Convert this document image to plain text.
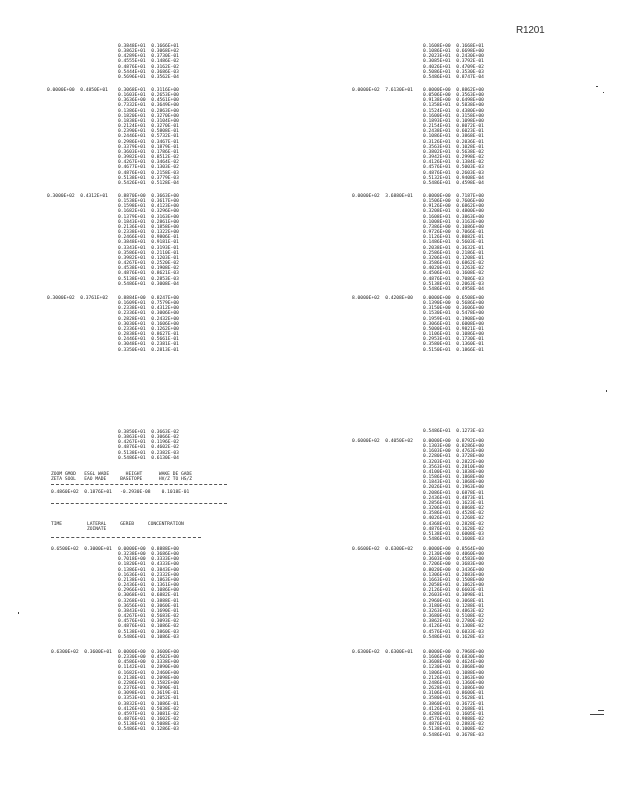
R1201
0.3848E+01  0.1666E+01
0.3862E+01  0.3068E+02
0.4289E+01  0.3730E-01
0.4555E+01  0.1486E-02
0.4876E+01  0.3162E-02
0.5444E+01  0.3686E-03
0.5696E+01  0.3562E-04
0.0000E+00  0.4850E+01 0.3068E+01  0.3116E+00
0.1603E+01  0.2653E+00
0.3636E+00  0.4561E+00
0.7332E+01  0.3649E+00
0.1386E+01  0.2863E+00
0.1820E+01  0.3270E+00
0.1838E+01  0.3104E+00
0.2124E+01  0.3270E-01
0.2390E+01  0.5808E-01
0.2446E+01  0.5732E-01
0.2986E+01  0.3467E-01
0.3379E+01  0.1879E-01
0.3603E+01  0.1786E-01
0.3982E+01  0.8512E-02
0.4267E+01  0.3464E-02
0.4677E+01  0.1303E-02
0.4876E+01  0.2158E-03
0.5138E+01  0.3779E-03
0.5426E+01  0.5128E-04
0.3000E+02  0.4312E+01 0.8870E+00  0.3663E+00
0.1538E+01  0.3617E+00
0.1598E+01  0.4123E+00
0.1682E+01  0.3296E+00
0.1379E+01  0.3163E+00
0.1843E+01  0.2861E+00
0.2136E+01  0.1858E+00
0.2338E+01  0.1322E+00
0.2466E+01  0.9806E-01
0.3848E+01  0.9181E-01
0.3343E+01  0.3193E-01
0.3586E+01  0.2110E-01
0.3982E+01  0.1203E-01
0.4267E+01  0.2520E-02
0.4538E+01  0.1908E-02
0.4876E+01  0.8621E-03
0.5138E+01  0.2853E-03
0.5486E+01  0.3008E-04
0.3000E+02  0.3761E+02 0.8884E+00  0.8247E+00
0.1609E+01  0.7579E+00
0.2338E+01  0.4312E+00
0.2336E+01  0.3006E+00
0.2828E+01  0.2432E+00
0.3030E+01  0.1606E+00
0.2336E+01  0.1262E+00
0.2838E+01  0.8627E-01
0.2446E+01  0.5661E-01
0.3048E+01  0.2381E-01
0.3350E+01  0.2813E-01
0.3850E+01  0.3663E-02
0.3863E+01  0.3066E-02
0.4267E+01  0.1196E-02
0.4876E+01  0.4602E-02
0.5138E+01  0.2382E-03
0.5486E+01  0.6130E-04
ZOOM GMOD   ESGL WADE      HEIGHT      WAKE DE GADE
ZETA SOOL   EAO MADE     BASETOPE      HV/Z TO HS/Z
0.4860E+02  0.1876E+01   -0.2930E-08    0.1018E-01
TIME         LATERAL     GEREB     CONCENTRATION
ZOINATE
0.6500E+02  0.3000E+01 0.0000E+00  0.8888E+00
0.3238E+00  0.3686E+00
0.7018E+00  0.3333E+00
0.1820E+01  0.4333E+00
0.1386E+01  0.3843E+00
0.1636E+01  0.2332E+00
0.2138E+01  0.1863E+00
0.2436E+01  0.1361E+00
0.2966E+01  0.1086E+00
0.3068E+01  0.6882E-01
0.3268E+01  0.3888E-01
0.3656E+01  0.3060E-01
0.3843E+01  0.1690E-01
0.4267E+01  0.5683E-02
0.4576E+01  0.3093E-02
0.4876E+01  0.1086E-02
0.5138E+01  0.3860E-03
0.5486E+01  0.1086E-03
0.6300E+02  0.3600E+01 0.0000E+00  0.3600E+00
0.2330E+00  0.4502E+00
0.4586E+00  0.3338E+00
0.1142E+01  0.2890E+00
0.1682E+01  0.2460E+00
0.2138E+01  0.2098E+00
0.2286E+01  0.1582E+00
0.2376E+01  0.7090E-01
0.3098E+01  0.3619E-01
0.3353E+01  0.2052E-01
0.3832E+01  0.1086E-01
0.4126E+01  0.5038E-02
0.4597E+01  0.3081E-02
0.4876E+01  0.1602E-02
0.5138E+01  0.5088E-03
0.5486E+01  0.1286E-03
0.1608E+00  0.1668E+01
0.1086E+01  0.6698E+00
0.2023E+01  0.2430E+00
0.3085E+01  0.3792E-01
0.4026E+01  0.4709E-02
0.5086E+01  0.3530E-03
0.5486E+01  0.8747E-04
0.0000E+02  7.6130E+01 0.0000E+00  0.8862E+00
0.0506E+00  0.3563E+00
0.9138E+00  0.6498E+00
0.1358E+01  0.5838E+00
0.1524E+01  0.4380E+00
0.1600E+01  0.3158E+00
0.1893E+01  0.1098E+00
0.2154E+01  0.8072E-01
0.2438E+01  0.6023E-01
0.1086E+01  0.3868E-01
0.3126E+01  0.2036E-01
0.3563E+01  0.1028E-01
0.3802E+01  0.5638E-02
0.3942E+01  0.2998E-02
0.4126E+01  0.1384E-02
0.4576E+01  0.5003E-03
0.4876E+01  0.2603E-03
0.5132E+01  0.9408E-04
0.5486E+01  0.4598E-04
0.0000E+02  3.6880E+01 0.0000E+00  0.7187E+00
0.1506E+00  0.7606E+00
0.9126E+00  0.6862E+00
0.3208E+01  0.4800E+00
0.1608E+01  0.3863E+00
0.1008E+01  0.3163E+00
0.7386E+00  0.1086E+00
0.9726E+00  0.7066E-01
0.1126E+01  0.8082E-01
0.1486E+01  0.5603E-01
0.2038E+01  0.3632E-01
0.2586E+01  0.2186E-01
0.3206E+01  0.1208E-01
0.3586E+01  0.6862E-02
0.4020E+01  0.3263E-02
0.4506E+01  0.1608E-02
0.4876E+01  0.7086E-03
0.5138E+01  0.2063E-03
0.5486E+01  0.4958E-04
8.0000E+02  0.4208E+00 0.0000E+00  0.6508E+00
0.1390E+00  0.5686E+00
0.3150E+00  0.3606E+00
0.1530E+01  0.5478E+00
0.1959E+01  0.1908E+00
0.3066E+01  0.6008E+00
0.5000E+01  0.9821E-01
0.1106E+01  0.1086E+00
0.2953E+01  0.1730E-01
0.3580E+01  0.1360E-01
0.5150E+01  0.1866E-01
0.5486E+01  0.1273E-03
0.6000E+02  0.4050E+02 0.0000E+00  0.8792E+00
0.1303E+00  0.8286E+00
0.1603E+00  0.4763E+00
0.2280E+01  0.3728E+00
0.3203E+01  0.2822E+00
0.3563E+01  0.2810E+00
0.4100E+01  0.1838E+00
0.1586E+01  0.1868E+00
0.1843E+01  0.1868E+00
0.2026E+01  0.1963E+00
0.2086E+01  0.6878E-01
0.2436E+01  0.4873E-01
0.2856E+01  0.1623E-01
0.3206E+01  0.8868E-02
0.3586E+01  0.4528E-02
0.4026E+01  0.3268E-02
0.4368E+01  0.2828E-02
0.4876E+01  0.1628E-02
0.5138E+01  0.6008E-03
0.5486E+01  0.1608E-03
0.6600E+02  0.6300E+02 0.0000E+00  0.8564E+00
0.2130E+00  0.4060E+00
0.3603E+00  0.4583E+00
0.7206E+00  0.3683E+00
0.8020E+00  0.3436E+00
0.1306E+01  0.2083E+00
0.1663E+01  0.1508E+00
0.2058E+01  0.1062E+00
0.2126E+01  0.6603E-01
0.2603E+01  0.3098E-01
0.2960E+01  0.3068E-01
0.3180E+01  0.1288E-01
0.3263E+01  0.4863E-02
0.3680E+01  0.5108E-02
0.3862E+01  0.2780E-02
0.4126E+01  0.1308E-02
0.4576E+01  0.6033E-03
0.5486E+01  0.1628E-03
0.6300E+02  0.6300E+01 0.0000E+00  0.7968E+00
0.1606E+00  0.6830E+00
0.3608E+00  0.4624E+00
0.1230E+01  0.3868E+00
0.1806E+01  0.1088E+00
0.2126E+01  0.1863E+00
0.2486E+01  0.1360E+00
0.2628E+01  0.1086E+00
0.3106E+01  0.8600E-01
0.3580E+01  0.5628E-01
0.3860E+01  0.3672E-01
0.4126E+01  0.2688E-01
0.4280E+01  0.1605E-01
0.4576E+01  0.9888E-02
0.4876E+01  0.2883E-02
0.5138E+01  0.1008E-02
0.5486E+01  0.3678E-03
